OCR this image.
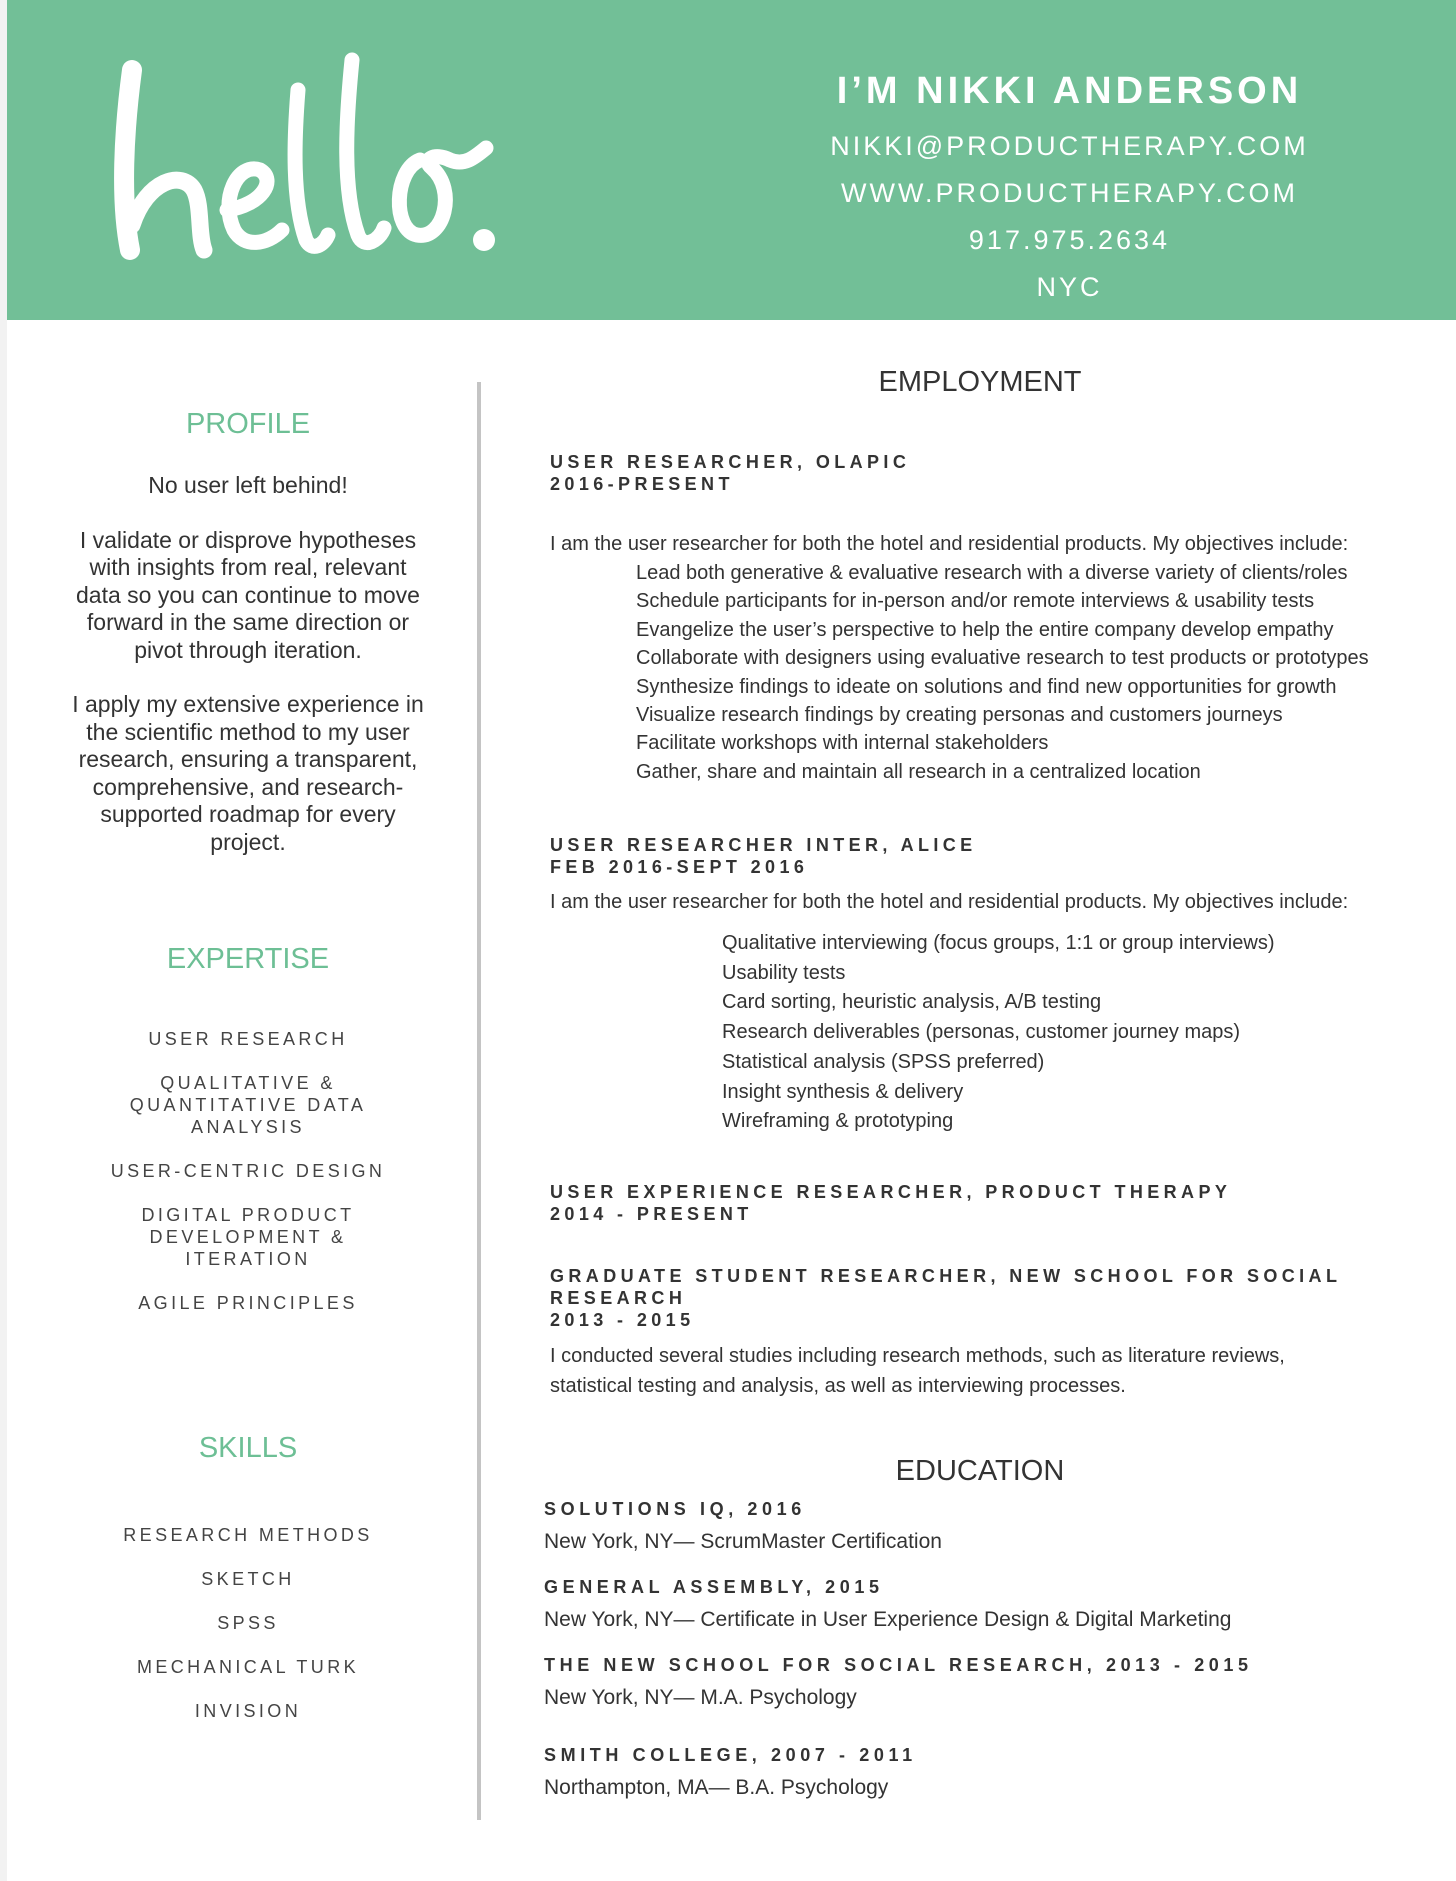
I’M NIKKI ANDERSON
NIKKI@PRODUCTHERAPY.COM
WWW.PRODUCTHERAPY.COM
917.975.2634
NYC
PROFILE

No user left behind!

I validate or disprove hypotheses with insights from real, relevant data so you can continue to move forward in the same direction or pivot through iteration.

I apply my extensive experience in the scientific method to my user research, ensuring a transparent, comprehensive, and research-supported roadmap for every project.

EXPERTISE
USER RESEARCH
QUALITATIVE & QUANTITATIVE DATA ANALYSIS
USER-CENTRIC DESIGN
DIGITAL PRODUCT DEVELOPMENT & ITERATION
AGILE PRINCIPLES
SKILLS
RESEARCH METHODS
SKETCH
SPSS
MECHANICAL TURK
INVISION
EMPLOYMENT
USER RESEARCHER, OLAPIC
2016-PRESENT
I am the user researcher for both the hotel and residential products. My objectives include:
Lead both generative & evaluative research with a diverse variety of clients/roles
Schedule participants for in-person and/or remote interviews & usability tests
Evangelize the user’s perspective to help the entire company develop empathy
Collaborate with designers using evaluative research to test products or prototypes
Synthesize findings to ideate on solutions and find new opportunities for growth
Visualize research findings by creating personas and customers journeys
Facilitate workshops with internal stakeholders
Gather, share and maintain all research in a centralized location
USER RESEARCHER INTER, ALICE
FEB 2016-SEPT 2016
I am the user researcher for both the hotel and residential products. My objectives include:
Qualitative interviewing (focus groups, 1:1 or group interviews)
Usability tests
Card sorting, heuristic analysis, A/B testing
Research deliverables (personas, customer journey maps)
Statistical analysis (SPSS preferred)
Insight synthesis & delivery
Wireframing & prototyping
USER EXPERIENCE RESEARCHER, PRODUCT THERAPY
2014 - PRESENT
GRADUATE STUDENT RESEARCHER, NEW SCHOOL FOR SOCIAL
RESEARCH
2013 - 2015
I conducted several studies including research methods, such as literature reviews,
statistical testing and analysis, as well as interviewing processes.
EDUCATION
SOLUTIONS IQ, 2016
New York, NY— ScrumMaster Certification
GENERAL ASSEMBLY, 2015
New York, NY— Certificate in User Experience Design & Digital Marketing
THE NEW SCHOOL FOR SOCIAL RESEARCH, 2013 - 2015
New York, NY— M.A. Psychology
SMITH COLLEGE, 2007 - 2011
Northampton, MA— B.A. Psychology
